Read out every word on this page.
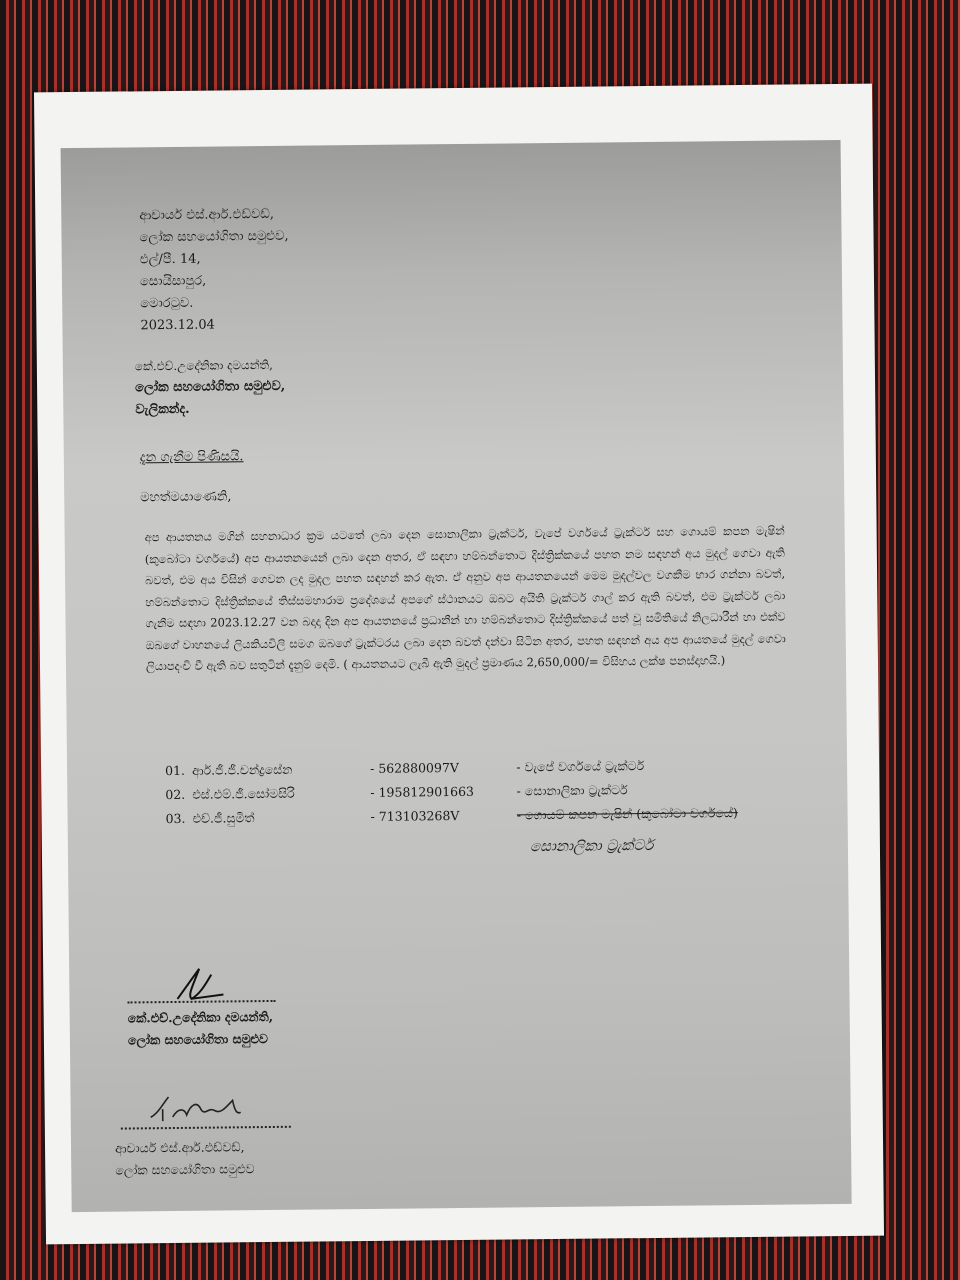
ආචාර්ය එස්.ආර්.එඩ්වඩ්,
ලෝක සහයෝගිතා සමුළුව,
එල්/පී. 14,
සොයිසාපුර,
මොරටුව.
2023.12.04
කේ.එච්.උදේනිකා දමයන්ති,
ලෝක සහයෝගිතා සමුළුව,
වැලිකන්ද.
දැන ගැනීම පිණිසයි.
මහත්මයාණෙනි,
අප ආයතනය මගින් සහනාධාර ක්‍රම යටතේ ලබා දෙන සොනාලිකා ට්‍රැක්ටර්, වැපේ වර්ගයේ ට්‍රැක්ටර් සහ ගොයම් කපන මැෂින් (කුබෝටා වර්ගයේ) අප ආයතනයෙන් ලබා දෙන අතර, ඒ සඳහා හම්බන්තොට දිස්ත්‍රික්කයේ පහත නම සඳහන් අය මුදල් ගෙවා ඇති බවත්, එම අය විසින් ගෙවන ලද මුදල පහත සඳහන් කර ඇත. ඒ අනුව අප ආයතනයෙන් මෙම මුදල්වල වගකීම භාර ගන්නා බවත්, හම්බන්තොට දිස්ත්‍රික්කයේ තිස්සමහාරාම ප්‍රදේශයේ අපගේ ස්ථානයට ඔබට අයිති ට්‍රැක්ටර් ගාල් කර ඇති බවත්, එම ට්‍රැක්ටර් ලබා ගැනීම සඳහා 2023.12.27 වන බදාදා දින අප ආයතනයේ ප්‍රධානීන් හා හම්බන්තොට දිස්ත්‍රික්කයේ පත් වූ සමිතියේ නිලධාරීන් හා එක්ව ඔබගේ වාහනයේ ලියකියවිලි සමග ඔබගේ ට්‍රැක්ටරය ලබා දෙන බවත් දන්වා සිටින අතර, පහත සඳහන් අය අප ආයතයේ මුදල් ගෙවා ලියාපදංචි වී ඇති බව සතුටින් දැනුම් දෙමි. ( ආයතනයට ලැබී ඇති මුදල් ප්‍රමාණය 2,650,000/= විසිහය ලක්ෂ පනස්දාහයි.)
01. ආර්.ජී.ජී.චන්ද්‍රසේන	- 562880097V	- වැපේ වර්ගයේ ට්‍රැක්ටර්
02. එස්.එම්.ජී.සෝමසිරි	- 195812901663	- සොනාලිකා ට්‍රැක්ටර්
03. එච්.ජී.සුමිත්	- 713103268V	- ගොයම් කපන මැෂින් (කුබෝටා වර්ගයේ)
සොනාලිකා ට්‍රැක්ටර්
කේ.එච්.උදේනිකා දමයන්ති,
ලෝක සහයෝගිතා සමුළුව
ආචාර්ය එස්.ආර්.එඩ්වඩ්,
ලෝක සහයෝගිතා සමුළුව
